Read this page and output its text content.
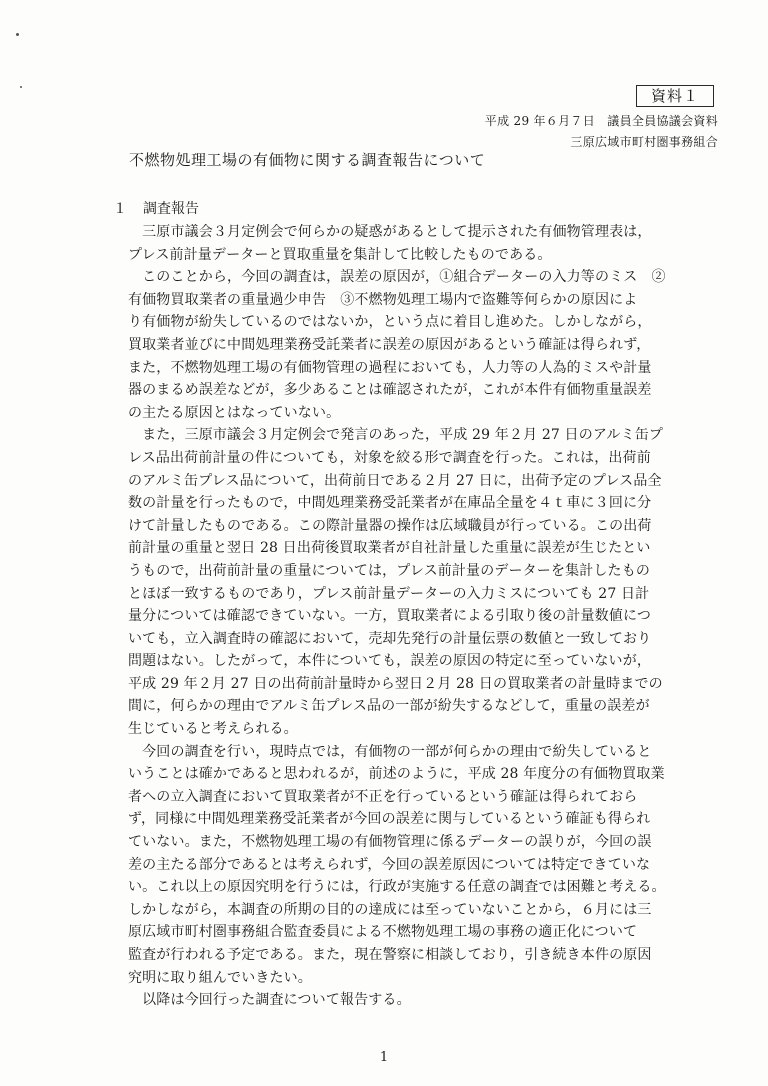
資料１
平成 29 年６月７日　議員全員協議会資料
三原広域市町村圏事務組合
不燃物処理工場の有価物に関する調査報告について
１ 調査報告
　三原市議会３月定例会で何らかの疑惑があるとして提示された有価物管理表は，
プレス前計量データーと買取重量を集計して比較したものである。
　このことから，今回の調査は，誤差の原因が，①組合データーの入力等のミス　②
有価物買取業者の重量過少申告　③不燃物処理工場内で盗難等何らかの原因によ
り有価物が紛失しているのではないか，という点に着目し進めた。しかしながら，
買取業者並びに中間処理業務受託業者に誤差の原因があるという確証は得られず，
また，不燃物処理工場の有価物管理の過程においても，人力等の人為的ミスや計量
器のまるめ誤差などが，多少あることは確認されたが，これが本件有価物重量誤差
の主たる原因とはなっていない。
　また，三原市議会３月定例会で発言のあった，平成 29 年２月 27 日のアルミ缶プ
レス品出荷前計量の件についても，対象を絞る形で調査を行った。これは，出荷前
のアルミ缶プレス品について，出荷前日である２月 27 日に，出荷予定のプレス品全
数の計量を行ったもので，中間処理業務受託業者が在庫品全量を４ｔ車に３回に分
けて計量したものである。この際計量器の操作は広域職員が行っている。この出荷
前計量の重量と翌日 28 日出荷後買取業者が自社計量した重量に誤差が生じたとい
うもので，出荷前計量の重量については，プレス前計量のデーターを集計したもの
とほぼ一致するものであり，プレス前計量データーの入力ミスについても 27 日計
量分については確認できていない。一方，買取業者による引取り後の計量数値につ
いても，立入調査時の確認において，売却先発行の計量伝票の数値と一致しており
問題はない。したがって，本件についても，誤差の原因の特定に至っていないが，
平成 29 年２月 27 日の出荷前計量時から翌日２月 28 日の買取業者の計量時までの
間に，何らかの理由でアルミ缶プレス品の一部が紛失するなどして，重量の誤差が
生じていると考えられる。
　今回の調査を行い，現時点では，有価物の一部が何らかの理由で紛失していると
いうことは確かであると思われるが，前述のように，平成 28 年度分の有価物買取業
者への立入調査において買取業者が不正を行っているという確証は得られておら
ず，同様に中間処理業務受託業者が今回の誤差に関与しているという確証も得られ
ていない。また，不燃物処理工場の有価物管理に係るデーターの誤りが，今回の誤
差の主たる部分であるとは考えられず，今回の誤差原因については特定できていな
い。これ以上の原因究明を行うには，行政が実施する任意の調査では困難と考える。
しかしながら，本調査の所期の目的の達成には至っていないことから，６月には三
原広域市町村圏事務組合監査委員による不燃物処理工場の事務の適正化について
監査が行われる予定である。また，現在警察に相談しており，引き続き本件の原因
究明に取り組んでいきたい。
　以降は今回行った調査について報告する。
1
